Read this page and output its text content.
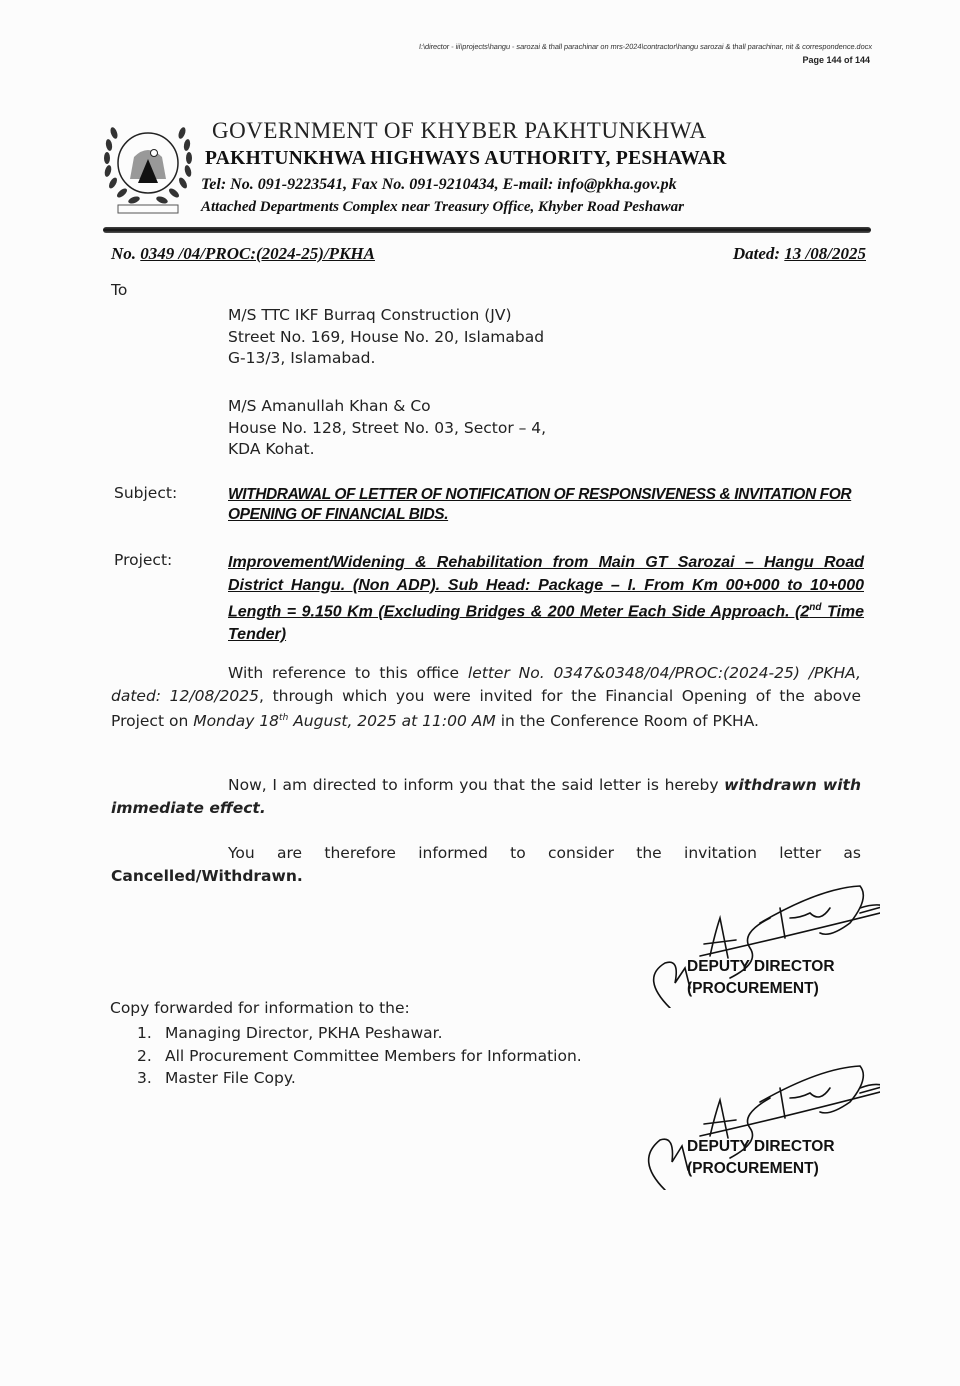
I:\director - iii\projects\hangu - sarozai & thall parachinar on mrs-2024\contractor\hangu sarozai & thall parachinar, nit & correspondence.docx
Page 144 of 144
GOVERNMENT OF KHYBER PAKHTUNKHWA
PAKHTUNKHWA HIGHWAYS AUTHORITY, PESHAWAR
Tel: No. 091-9223541, Fax No. 091-9210434, E-mail: info@pkha.gov.pk
Attached Departments Complex near Treasury Office, Khyber Road Peshawar
No. 0349 /04/PROC:(2024-25)/PKHA	Dated: 13 /08/2025
To
M/S TTC IKF Burraq Construction (JV)
Street No. 169, House No. 20, Islamabad
G-13/3, Islamabad.
M/S Amanullah Khan & Co
House No. 128, Street No. 03, Sector – 4,
KDA Kohat.
Subject:	WITHDRAWAL OF LETTER OF NOTIFICATION OF RESPONSIVENESS & INVITATION FOR OPENING OF FINANCIAL BIDS.
Project:	Improvement/Widening & Rehabilitation from Main GT Sarozai – Hangu Road District Hangu. (Non ADP). Sub Head: Package – I. From Km 00+000 to 10+000 Length = 9.150 Km (Excluding Bridges & 200 Meter Each Side Approach. (2nd Time Tender)
With reference to this office letter No. 0347&0348/04/PROC:(2024-25) /PKHA, dated: 12/08/2025, through which you were invited for the Financial Opening of the above Project on Monday 18th August, 2025 at 11:00 AM in the Conference Room of PKHA.
Now, I am directed to inform you that the said letter is hereby withdrawn with immediate effect.
You are therefore informed to consider the invitation letter as Cancelled/Withdrawn.
DEPUTY DIRECTOR
(PROCUREMENT)
Copy forwarded for information to the:
1. Managing Director, PKHA Peshawar.
2. All Procurement Committee Members for Information.
3. Master File Copy.
DEPUTY DIRECTOR
(PROCUREMENT)
